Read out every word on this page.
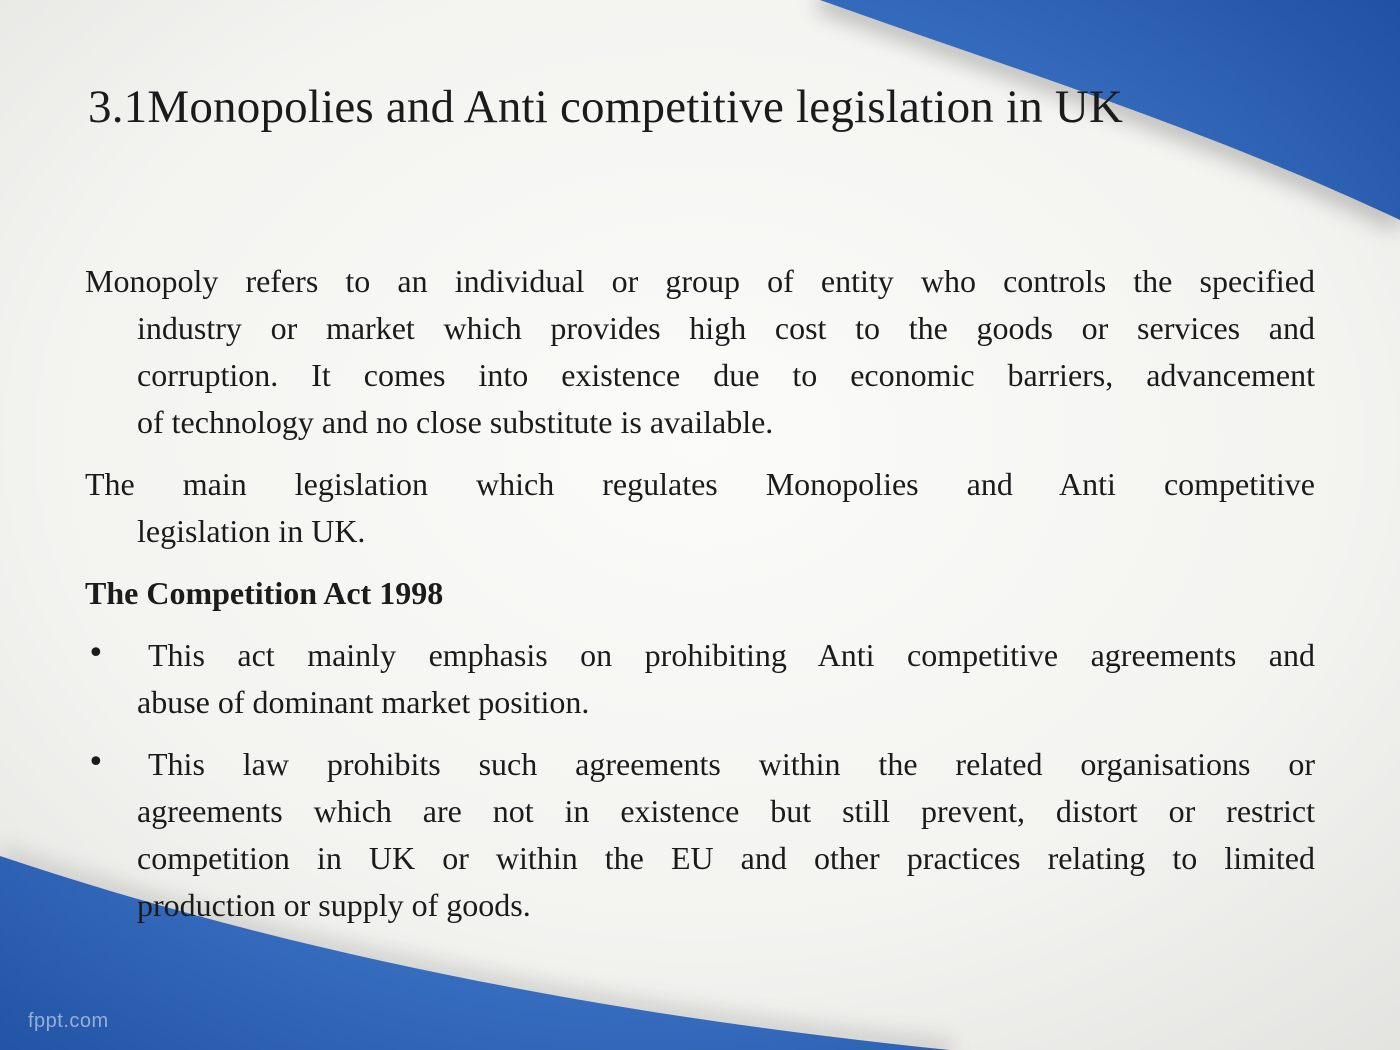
3.1Monopolies and Anti competitive legislation in UK
Monopoly refers to an individual or group of entity who controls the specified
industry or market which provides high cost to the goods or services and
corruption. It comes into existence due to economic barriers, advancement
of technology and no close substitute is available.
The main legislation which regulates Monopolies and Anti competitive
legislation in UK.
The Competition Act 1998
•	This act mainly emphasis on prohibiting Anti competitive agreements and
abuse of dominant market position.
•	This law prohibits such agreements within the related organisations or
agreements which are not in existence but still prevent, distort or restrict
competition in UK or within the EU and other practices relating to limited
production or supply of goods.
fppt.com
